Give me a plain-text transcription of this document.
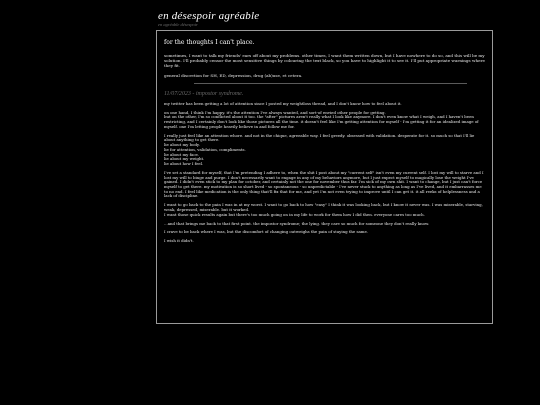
en désespoir agréable
en agréable désespoir
for the thoughts I can't place.

sometimes, I want to talk my friends' ears off about my problems. other times, I want them written down, but I have nowhere to do so, and this will be my solution. I'll probably censor the most sensitive things by colouring the text black, so you have to highlight it to see it. I'll put appropriate warnings where they fit.

general discretion for SH, ED, depression, drug (ab)use, et cetera.

11/07/2023 - impostor syndrome.

my twitter has been getting a lot of attention since I posted my weightloss thread, and I don't know how to feel about it.

on one hand, I think I'm happy. it's the attention I've always wanted, and sort-of envied other people for getting.
but on the other, I'm so conflicted about it too. the "after" pictures aren't really what I look like anymore. I don't even know what I weigh, and I haven't been restricting, and I certainly don't look like those pictures all the time. it doesn't feel like I'm getting attention for myself - I'm getting it for an idealized image of myself. one I'm letting people heavily believe in and follow me for.

I really just feel like an attention whore. and not in the chique, agreeable way. I feel greedy. obsessed with validation. desperate for it. so much so that I'll lie about anything to get there.
lie about my body.
lie for attention, validation, compliments.
lie about my face.
lie about my weight.
lie about how I feel.

I've set a standard for myself, that I'm pretending I adhere to, when the shit I post about my "current self" isn't even my current self. I lost my will to starve and I lost my will to binge and purge. I don't necessarily want to engage in any of my behaviors anymore, but I just expect myself to magically lose the weight I've gained. I didn't even stick to my plan for october, and certainly not the one for november thus far. I'm sick of my own shit. I want to change, but I just can't force myself to get there. my motivation is so short lived - so spontaneous - so unpredictable - I've never stuck to anything as long as I've lived, and it embarrasses me to no end. I feel like medication is the only thing that'll fix that for me, and yet I'm not even trying to improve until I can get it. it all reeks of helplessness and a lack of discipline.

I want to go back to the pain I was in at my worst. I want to go back to how "easy" I think it was looking back, but I know it never was. I was miserable, starving, weak, depressed, miserable. but it worked.
I want those quick results again but there's too much going on in my life to work for them how I did then. everyone cares too much.

...and that brings me back to that first point. the impostor syndrome; the lying. they care so much for someone they don't really know.

I crave to be back where I was, but the discomfort of changing outweighs the pain of staying the same.

I wish it didn't.
